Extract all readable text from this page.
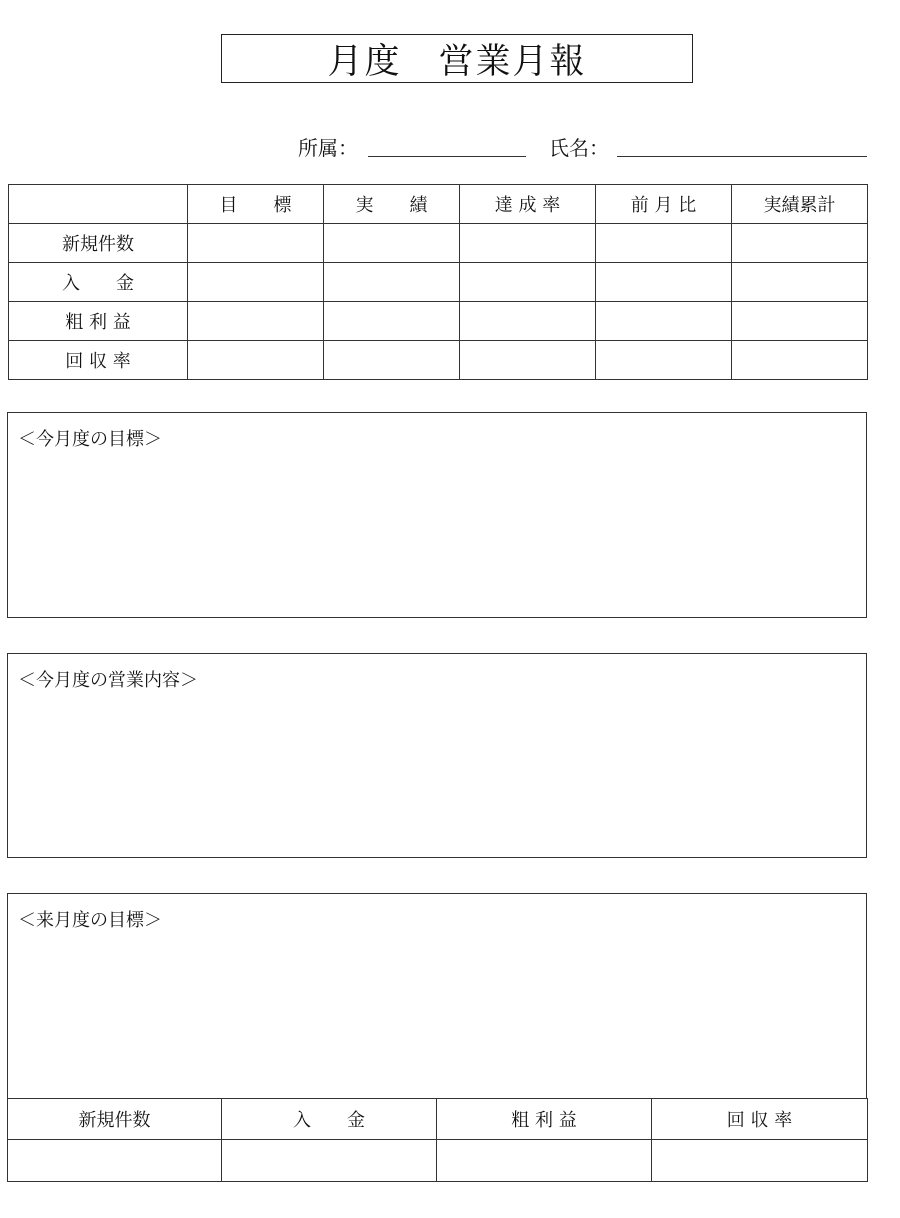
月度　営業月報
所属：	氏名：
	目　　標	実　　績	達 成 率	前 月 比	実績累計
新規件数					
入　　金					
粗 利 益					
回 収 率					
＜今月度の目標＞
＜今月度の営業内容＞
＜来月度の目標＞
新規件数	入　　金	粗 利 益	回 収 率
